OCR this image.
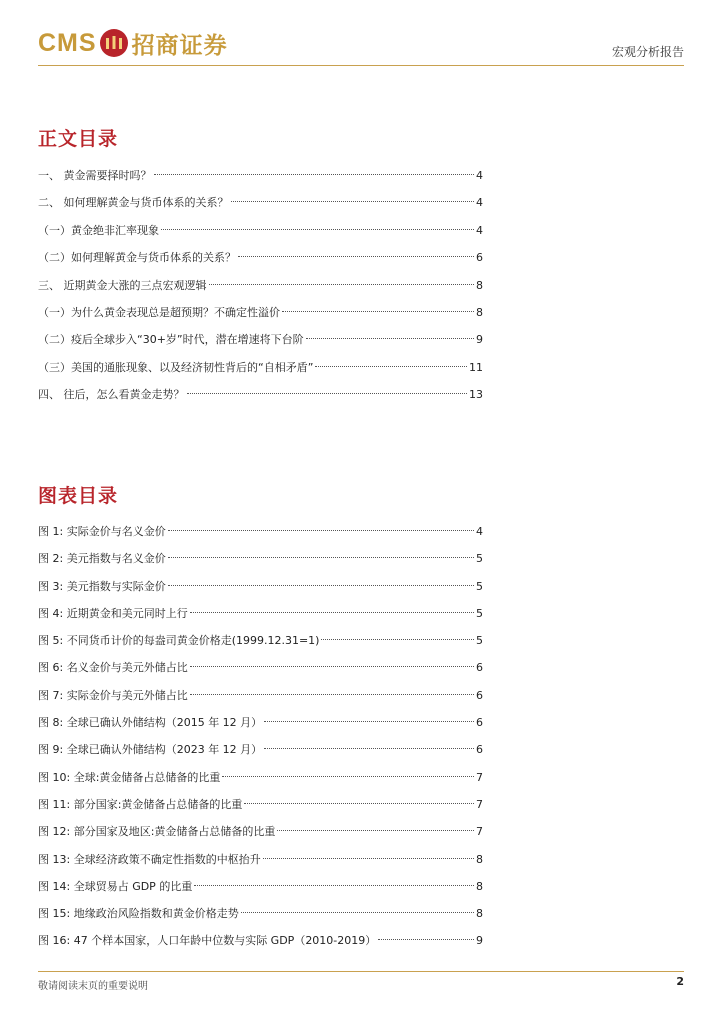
CMS 招商证券	宏观分析报告
正文目录
一、 黄金需要择时吗？	4
二、 如何理解黄金与货币体系的关系？	4
（一）黄金绝非汇率现象	4
（二）如何理解黄金与货币体系的关系？	6
三、 近期黄金大涨的三点宏观逻辑	8
（一）为什么黄金表现总是超预期？不确定性溢价	8
（二）疫后全球步入“30+岁”时代，潜在增速将下台阶	9
（三）美国的通胀现象、以及经济韧性背后的“自相矛盾”	11
四、 往后，怎么看黄金走势？	13
图表目录
图 1: 实际金价与名义金价	4
图 2: 美元指数与名义金价	5
图 3: 美元指数与实际金价	5
图 4: 近期黄金和美元同时上行	5
图 5: 不同货币计价的每盎司黄金价格走(1999.12.31=1)	5
图 6: 名义金价与美元外储占比	6
图 7: 实际金价与美元外储占比	6
图 8: 全球已确认外储结构（2015 年 12 月）	6
图 9: 全球已确认外储结构（2023 年 12 月）	6
图 10: 全球:黄金储备占总储备的比重	7
图 11: 部分国家:黄金储备占总储备的比重	7
图 12: 部分国家及地区:黄金储备占总储备的比重	7
图 13: 全球经济政策不确定性指数的中枢抬升	8
图 14: 全球贸易占 GDP 的比重	8
图 15: 地缘政治风险指数和黄金价格走势	8
图 16: 47 个样本国家，人口年龄中位数与实际 GDP（2010-2019）	9
敬请阅读末页的重要说明	2
